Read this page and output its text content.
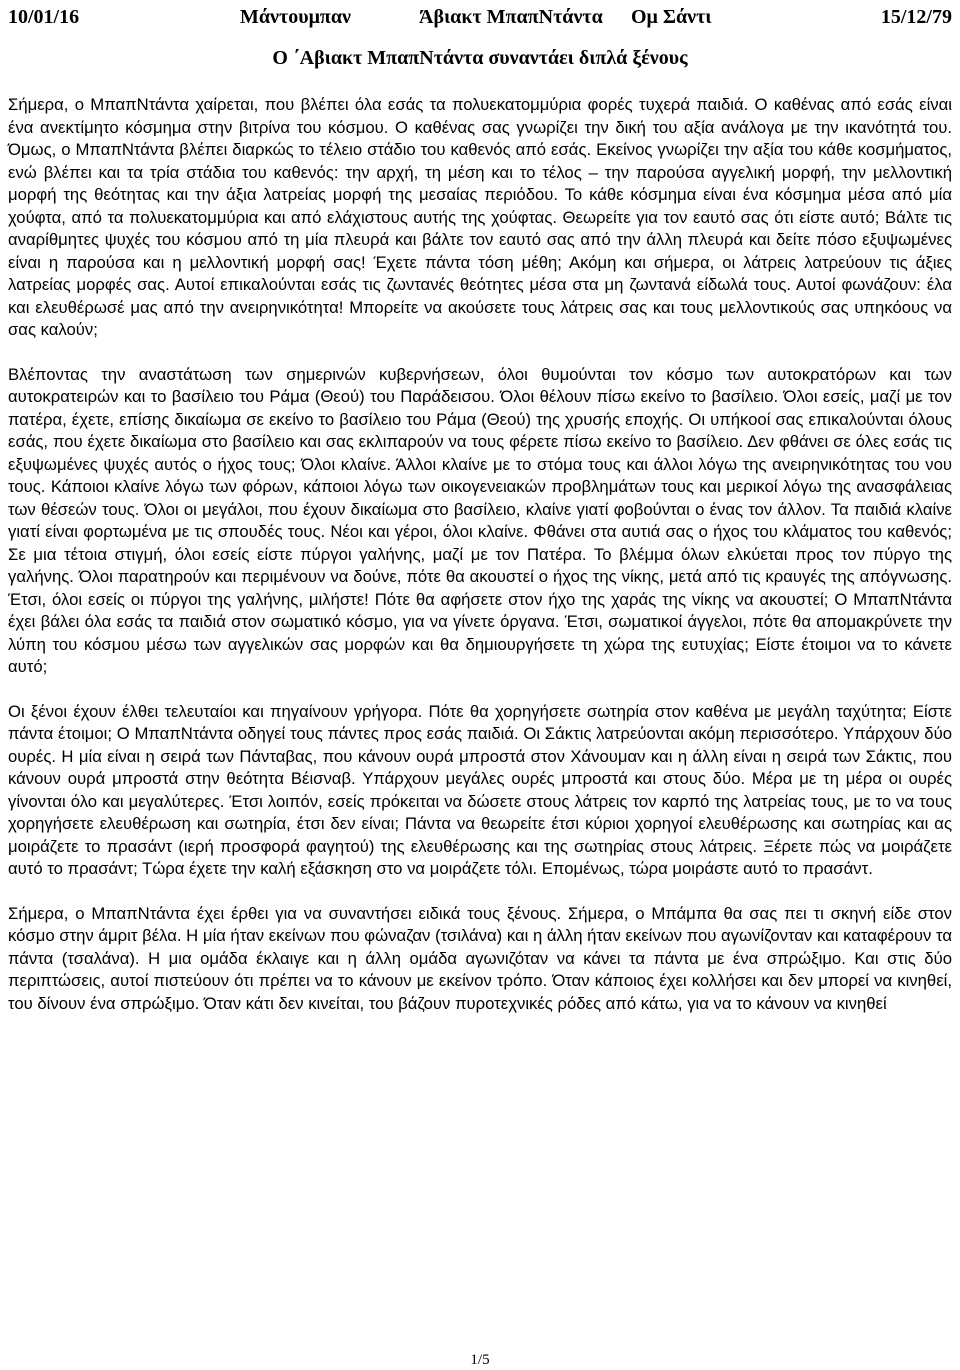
10/01/16	Μάντουμπαν	Άβιακτ ΜπαπΝτάντα Ομ Σάντι	15/12/79
Ο ΄Αβιακτ ΜπαπΝτάντα συναντάει διπλά ξένους

Σήμερα, ο ΜπαπΝτάντα χαίρεται, που βλέπει όλα εσάς τα πολυεκατομμύρια φορές τυχερά παιδιά. Ο καθένας από εσάς είναι ένα ανεκτίμητο κόσμημα στην βιτρίνα του κόσμου. Ο καθένας σας γνωρίζει την δική του αξία ανάλογα με την ικανότητά του. Όμως, ο ΜπαπΝτάντα βλέπει διαρκώς το τέλειο στάδιο του καθενός από εσάς. Εκείνος γνωρίζει την αξία του κάθε κοσμήματος, ενώ βλέπει και τα τρία στάδια του καθενός: την αρχή, τη μέση και το τέλος – την παρούσα αγγελική μορφή, την μελλοντική μορφή της θεότητας και την άξια λατρείας μορφή της μεσαίας περιόδου. Το κάθε κόσμημα είναι ένα κόσμημα μέσα από μία χούφτα, από τα πολυεκατομμύρια και από ελάχιστους αυτής της χούφτας. Θεωρείτε για τον εαυτό σας ότι είστε αυτό; Βάλτε τις αναρίθμητες ψυχές του κόσμου από τη μία πλευρά και βάλτε τον εαυτό σας από την άλλη πλευρά και δείτε πόσο εξυψωμένες είναι η παρούσα και η μελλοντική μορφή σας! Έχετε πάντα τόση μέθη; Ακόμη και σήμερα, οι λάτρεις λατρεύουν τις άξιες λατρείας μορφές σας. Αυτοί επικαλούνται εσάς τις ζωντανές θεότητες μέσα στα μη ζωντανά είδωλά τους. Αυτοί φωνάζουν: έλα και ελευθέρωσέ μας από την ανειρηνικότητα! Μπορείτε να ακούσετε τους λάτρεις σας και τους μελλοντικούς σας υπηκόους να σας καλούν;

Βλέποντας την αναστάτωση των σημερινών κυβερνήσεων, όλοι θυμούνται τον κόσμο των αυτοκρατόρων και των αυτοκρατειρών και το βασίλειο του Ράμα (Θεού) του Παράδεισου. Όλοι θέλουν πίσω εκείνο το βασίλειο. Όλοι εσείς, μαζί με τον πατέρα, έχετε, επίσης δικαίωμα σε εκείνο το βασίλειο του Ράμα (Θεού) της χρυσής εποχής. Οι υπήκοοί σας επικαλούνται όλους εσάς, που έχετε δικαίωμα στο βασίλειο και σας εκλιπαρούν να τους φέρετε πίσω εκείνο το βασίλειο. Δεν φθάνει σε όλες εσάς τις εξυψωμένες ψυχές αυτός ο ήχος τους; Όλοι κλαίνε. Άλλοι κλαίνε με το στόμα τους και άλλοι λόγω της ανειρηνικότητας του νου τους. Κάποιοι κλαίνε λόγω των φόρων, κάποιοι λόγω των οικογενειακών προβλημάτων τους και μερικοί λόγω της ανασφάλειας των θέσεών τους. Όλοι οι μεγάλοι, που έχουν δικαίωμα στο βασίλειο, κλαίνε γιατί φοβούνται ο ένας τον άλλον. Τα παιδιά κλαίνε γιατί είναι φορτωμένα με τις σπουδές τους. Νέοι και γέροι, όλοι κλαίνε. Φθάνει στα αυτιά σας ο ήχος του κλάματος του καθενός; Σε μια τέτοια στιγμή, όλοι εσείς είστε πύργοι γαλήνης, μαζί με τον Πατέρα. Το βλέμμα όλων ελκύεται προς τον πύργο της γαλήνης. Όλοι παρατηρούν και περιμένουν να δούνε, πότε θα ακουστεί ο ήχος της νίκης, μετά από τις κραυγές της απόγνωσης. Έτσι, όλοι εσείς οι πύργοι της γαλήνης, μιλήστε! Πότε θα αφήσετε στον ήχο της χαράς της νίκης να ακουστεί; Ο ΜπαπΝτάντα έχει βάλει όλα εσάς τα παιδιά στον σωματικό κόσμο, για να γίνετε όργανα. Έτσι, σωματικοί άγγελοι, πότε θα απομακρύνετε την λύπη του κόσμου μέσω των αγγελικών σας μορφών και θα δημιουργήσετε τη χώρα της ευτυχίας; Είστε έτοιμοι να το κάνετε αυτό;

Οι ξένοι έχουν έλθει τελευταίοι και πηγαίνουν γρήγορα. Πότε θα χορηγήσετε σωτηρία στον καθένα με μεγάλη ταχύτητα; Είστε πάντα έτοιμοι; Ο ΜπαπΝτάντα οδηγεί τους πάντες προς εσάς παιδιά. Οι Σάκτις λατρεύονται ακόμη περισσότερο. Υπάρχουν δύο ουρές. Η μία είναι η σειρά των Πάνταβας, που κάνουν ουρά μπροστά στον Χάνουμαν και η άλλη είναι η σειρά των Σάκτις, που κάνουν ουρά μπροστά στην θεότητα Βέισναβ. Υπάρχουν μεγάλες ουρές μπροστά και στους δύο. Μέρα με τη μέρα οι ουρές γίνονται όλο και μεγαλύτερες. Έτσι λοιπόν, εσείς πρόκειται να δώσετε στους λάτρεις τον καρπό της λατρείας τους, με το να τους χορηγήσετε ελευθέρωση και σωτηρία, έτσι δεν είναι; Πάντα να θεωρείτε έτσι κύριοι χορηγοί ελευθέρωσης και σωτηρίας και ας μοιράζετε το πρασάντ (ιερή προσφορά φαγητού) της ελευθέρωσης και της σωτηρίας στους λάτρεις. Ξέρετε πώς να μοιράζετε αυτό το πρασάντ; Τώρα έχετε την καλή εξάσκηση στο να μοιράζετε τόλι. Επομένως, τώρα μοιράστε αυτό το πρασάντ.

Σήμερα, ο ΜπαπΝτάντα έχει έρθει για να συναντήσει ειδικά τους ξένους. Σήμερα, ο Μπάμπα θα σας πει τι σκηνή είδε στον κόσμο στην άμριτ βέλα. Η μία ήταν εκείνων που φώναζαν (τσιλάνα) και η άλλη ήταν εκείνων που αγωνίζονταν και καταφέρουν τα πάντα (τσαλάνα). Η μια ομάδα έκλαιγε και η άλλη ομάδα αγωνιζόταν να κάνει τα πάντα με ένα σπρώξιμο. Και στις δύο περιπτώσεις, αυτοί πιστεύουν ότι πρέπει να το κάνουν με εκείνον τρόπο. Όταν κάποιος έχει κολλήσει και δεν μπορεί να κινηθεί, του δίνουν ένα σπρώξιμο. Όταν κάτι δεν κινείται, του βάζουν πυροτεχνικές ρόδες από κάτω, για να το κάνουν να κινηθεί

1/5
